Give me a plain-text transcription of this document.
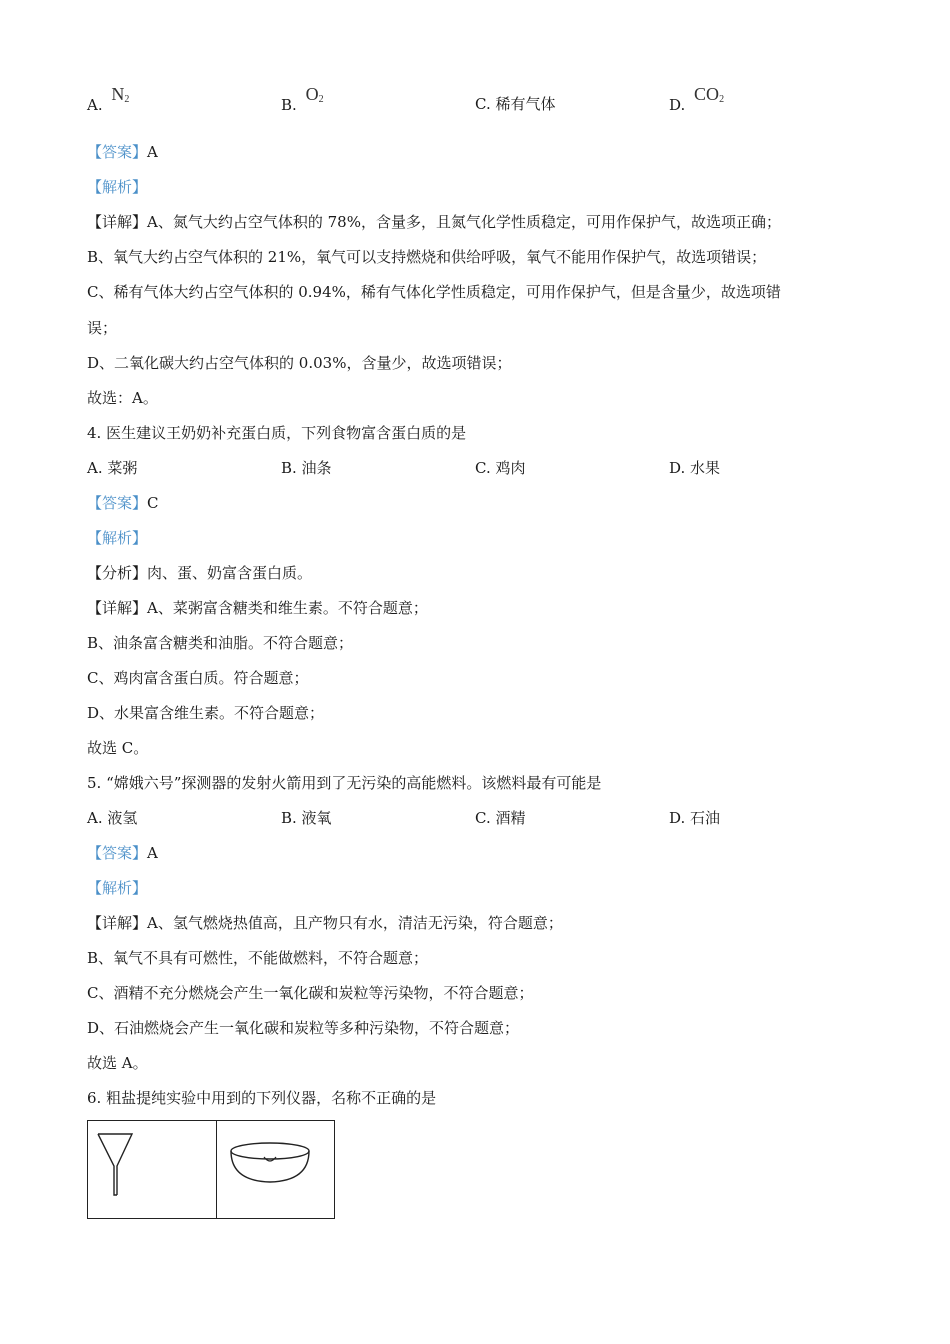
A. $N_2$	B. $O_2$	C. 稀有气体	D. $CO_2$
【答案】A
【解析】
【详解】A、氮气大约占空气体积的 78%，含量多，且氮气化学性质稳定，可用作保护气，故选项正确；
B、氧气大约占空气体积的 21%，氧气可以支持燃烧和供给呼吸，氧气不能用作保护气，故选项错误；
C、稀有气体大约占空气体积的 0.94%，稀有气体化学性质稳定，可用作保护气，但是含量少，故选项错
误；
D、二氧化碳大约占空气体积的 0.03%，含量少，故选项错误；
故选：A。
4. 医生建议王奶奶补充蛋白质，下列食物富含蛋白质的是
A. 菜粥	B. 油条	C. 鸡肉	D. 水果
【答案】C
【解析】
【分析】肉、蛋、奶富含蛋白质。
【详解】A、菜粥富含糖类和维生素。不符合题意；
B、油条富含糖类和油脂。不符合题意；
C、鸡肉富含蛋白质。符合题意；
D、水果富含维生素。不符合题意；
故选 C。
5. “嫦娥六号”探测器的发射火箭用到了无污染的高能燃料。该燃料最有可能是
A. 液氢	B. 液氧	C. 酒精	D. 石油
【答案】A
【解析】
【详解】A、氢气燃烧热值高，且产物只有水，清洁无污染，符合题意；
B、氧气不具有可燃性，不能做燃料，不符合题意；
C、酒精不充分燃烧会产生一氧化碳和炭粒等污染物，不符合题意；
D、石油燃烧会产生一氧化碳和炭粒等多种污染物，不符合题意；
故选 A。
6. 粗盐提纯实验中用到的下列仪器，名称不正确的是
